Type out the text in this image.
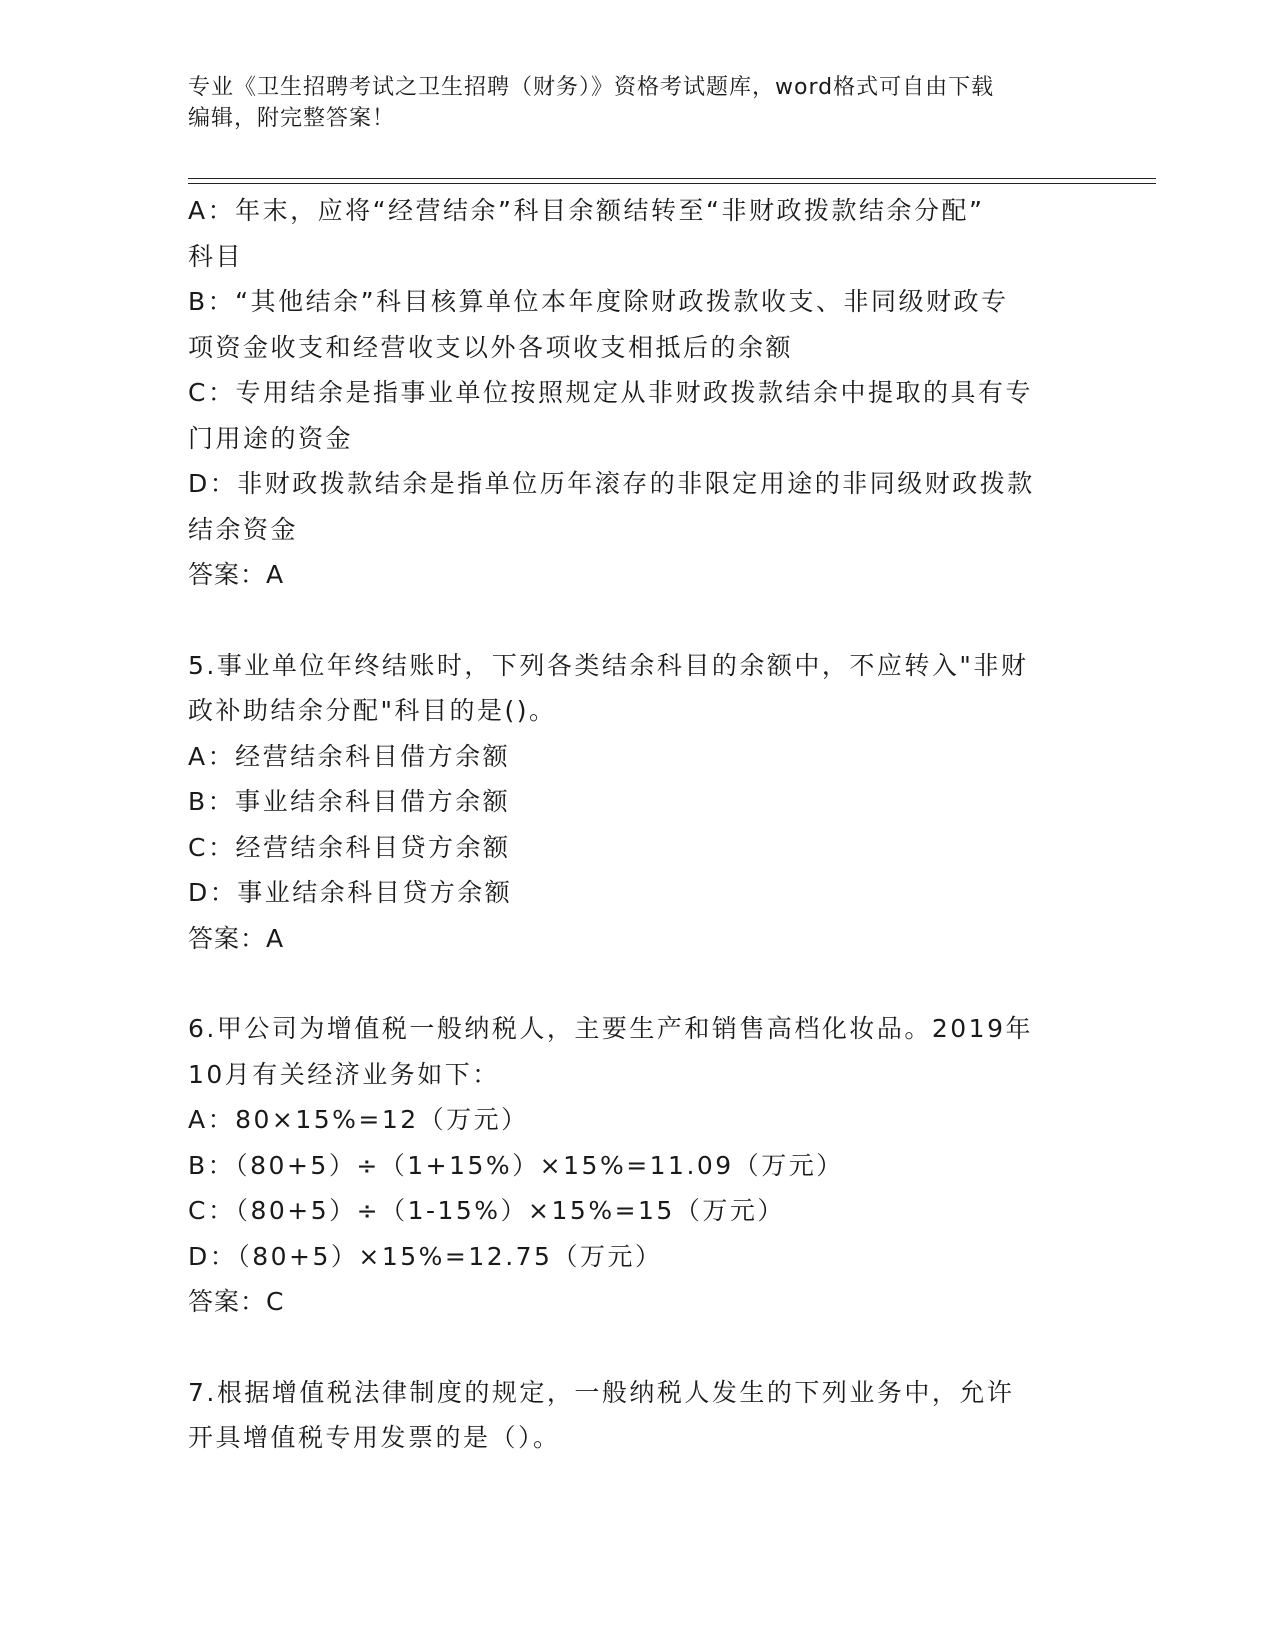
专业《卫生招聘考试之卫生招聘（财务）》资格考试题库，word格式可自由下载
编辑，附完整答案！
A：年末，应将“经营结余”科目余额结转至“非财政拨款结余分配”
科目
B：“其他结余”科目核算单位本年度除财政拨款收支、非同级财政专
项资金收支和经营收支以外各项收支相抵后的余额
C：专用结余是指事业单位按照规定从非财政拨款结余中提取的具有专
门用途的资金
D：非财政拨款结余是指单位历年滚存的非限定用途的非同级财政拨款
结余资金
答案：A
5.事业单位年终结账时，下列各类结余科目的余额中，不应转入"非财
政补助结余分配"科目的是()。
A：经营结余科目借方余额
B：事业结余科目借方余额
C：经营结余科目贷方余额
D：事业结余科目贷方余额
答案：A
6.甲公司为增值税一般纳税人，主要生产和销售高档化妆品。2019年
10月有关经济业务如下：
A：80×15%=12（万元）
B：（80+5）÷（1+15%）×15%=11.09（万元）
C：（80+5）÷（1-15%）×15%=15（万元）
D：（80+5）×15%=12.75（万元）
答案：C
7.根据增值税法律制度的规定，一般纳税人发生的下列业务中，允许
开具增值税专用发票的是（）。
